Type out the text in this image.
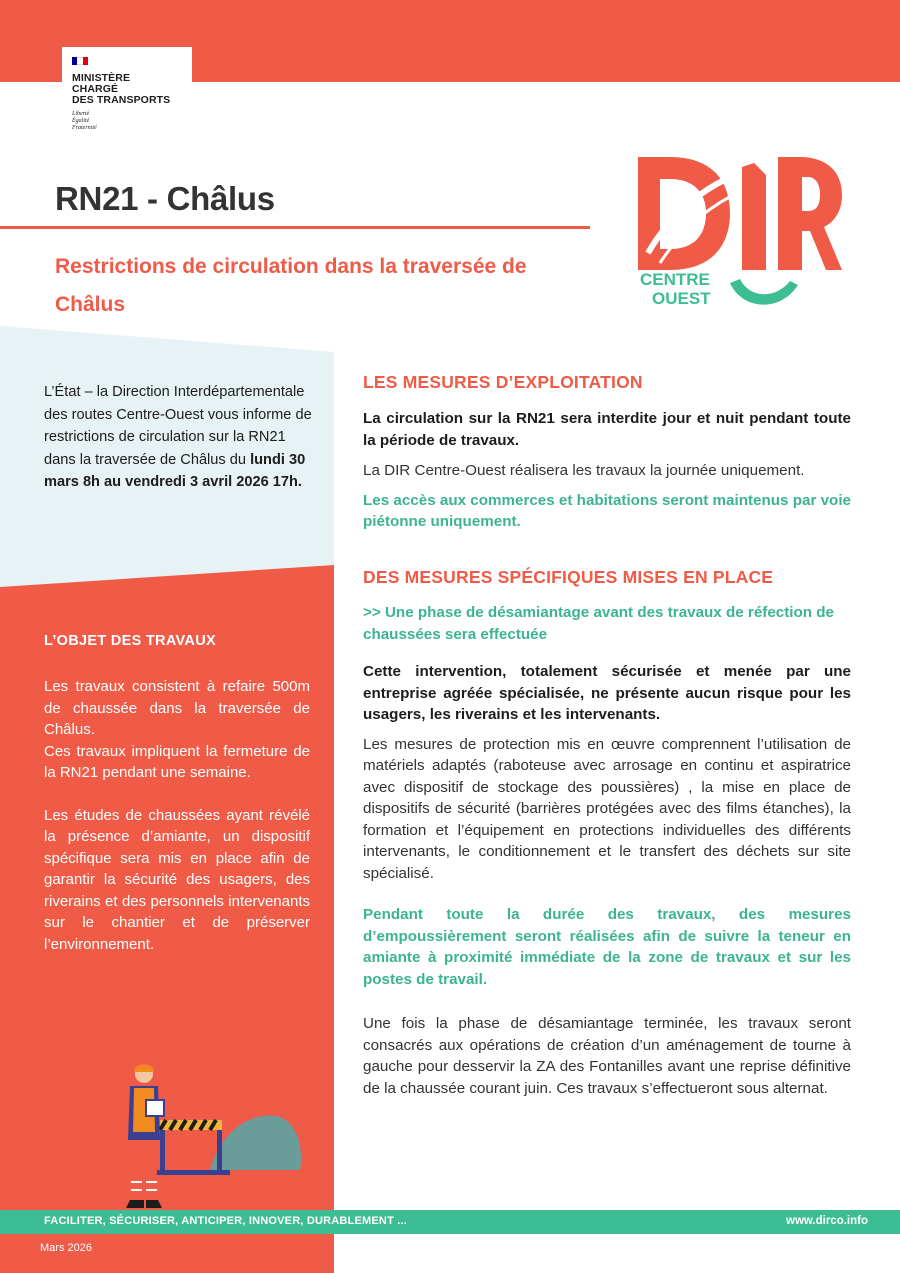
MINISTÈRE
CHARGÉ
DES TRANSPORTS
Liberté
Égalité
Fraternité
RN21 - Châlus
Restrictions de circulation dans la traversée de Châlus
CENTRE
OUEST

L’État – la Direction Interdépartementale des routes Centre-Ouest vous informe de restrictions de circulation sur la RN21 dans la traversée de Châlus du lundi 30 mars 8h au vendredi 3 avril 2026 17h.

L’OBJET DES TRAVAUX

Les travaux consistent à refaire 500m de chaussée dans la traversée de Châlus.
Ces travaux impliquent la fermeture de la RN21 pendant une semaine.

Les études de chaussées ayant révélé la présence d’amiante, un dispositif spécifique sera mis en place afin de garantir la sécurité des usagers, des riverains et des personnels intervenants sur le chantier et de préserver l’environnement.

LES MESURES D’EXPLOITATION

La circulation sur la RN21 sera interdite jour et nuit pendant toute la période de travaux.

La DIR Centre-Ouest réalisera les travaux la journée uniquement.

Les accès aux commerces et habitations seront maintenus par voie piétonne uniquement.

DES MESURES SPÉCIFIQUES MISES EN PLACE

>> Une phase de désamiantage avant des travaux de réfection de chaussées sera effectuée

Cette intervention, totalement sécurisée et menée par une entreprise agréée spécialisée, ne présente aucun risque pour les usagers, les riverains et les intervenants.

Les mesures de protection mis en œuvre comprennent l’utilisation de matériels adaptés (raboteuse avec arrosage en continu et aspiratrice avec dispositif de stockage des poussières) , la mise en place de dispositifs de sécurité (barrières protégées avec des films étanches), la formation et l’équipement en protections individuelles des différents intervenants, le conditionnement et le transfert des déchets sur site spécialisé.

Pendant toute la durée des travaux, des mesures d’empoussièrement seront réalisées afin de suivre la teneur en amiante à proximité immédiate de la zone de travaux et sur les postes de travail.

Une fois la phase de désamiantage terminée, les travaux seront consacrés aux opérations de création d’un aménagement de tourne à gauche pour desservir la ZA des Fontanilles avant une reprise définitive de la chaussée courant juin. Ces travaux s’effectueront sous alternat.

FACILITER, SÉCURISER, ANTICIPER, INNOVER, DURABLEMENT ...	www.dirco.info
Mars 2026
